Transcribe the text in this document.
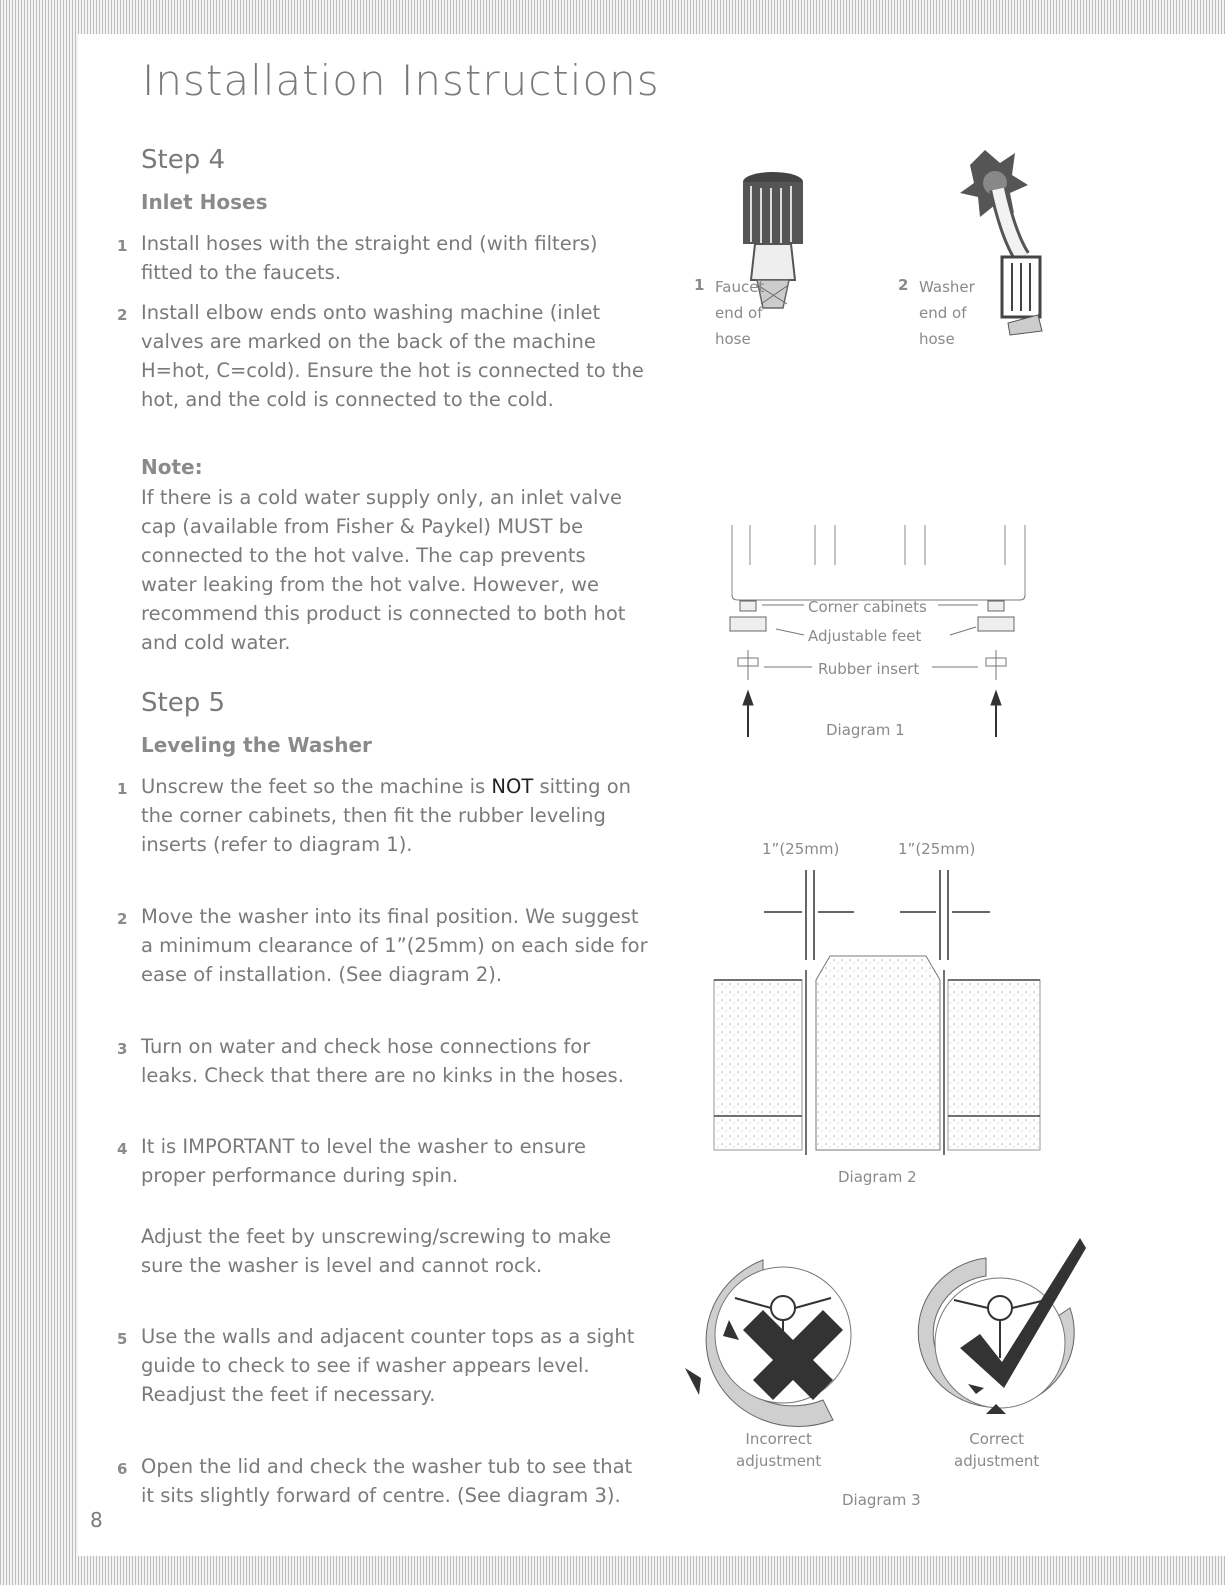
Installation Instructions
Step 4
Inlet Hoses
1 Install hoses with the straight end (with filters)
fitted to the faucets.
2 Install elbow ends onto washing machine (inlet
valves are marked on the back of the machine
H=hot, C=cold). Ensure the hot is connected to the
hot, and the cold is connected to the cold.
Note:
If there is a cold water supply only, an inlet valve
cap (available from Fisher & Paykel) MUST be
connected to the hot valve. The cap prevents
water leaking from the hot valve. However, we
recommend this product is connected to both hot
and cold water.
Step 5
Leveling the Washer
1 Unscrew the feet so the machine is NOT sitting on
the corner cabinets, then fit the rubber leveling
inserts (refer to diagram 1).
2 Move the washer into its final position. We suggest
a minimum clearance of 1”(25mm) on each side for
ease of installation. (See diagram 2).
3 Turn on water and check hose connections for
leaks. Check that there are no kinks in the hoses.
4 It is IMPORTANT to level the washer to ensure
proper performance during spin.
Adjust the feet by unscrewing/screwing to make
sure the washer is level and cannot rock.
5 Use the walls and adjacent counter tops as a sight
guide to check to see if washer appears level.
Readjust the feet if necessary.
6 Open the lid and check the washer tub to see that
it sits slightly forward of centre. (See diagram 3).
8
1 Faucet
end of
hose
2 Washer
end of
hose
Corner cabinets
Adjustable feet
Rubber insert
Diagram 1
1”(25mm)	1”(25mm)
Diagram 2
Incorrect
adjustment
Correct
adjustment
Diagram 3
